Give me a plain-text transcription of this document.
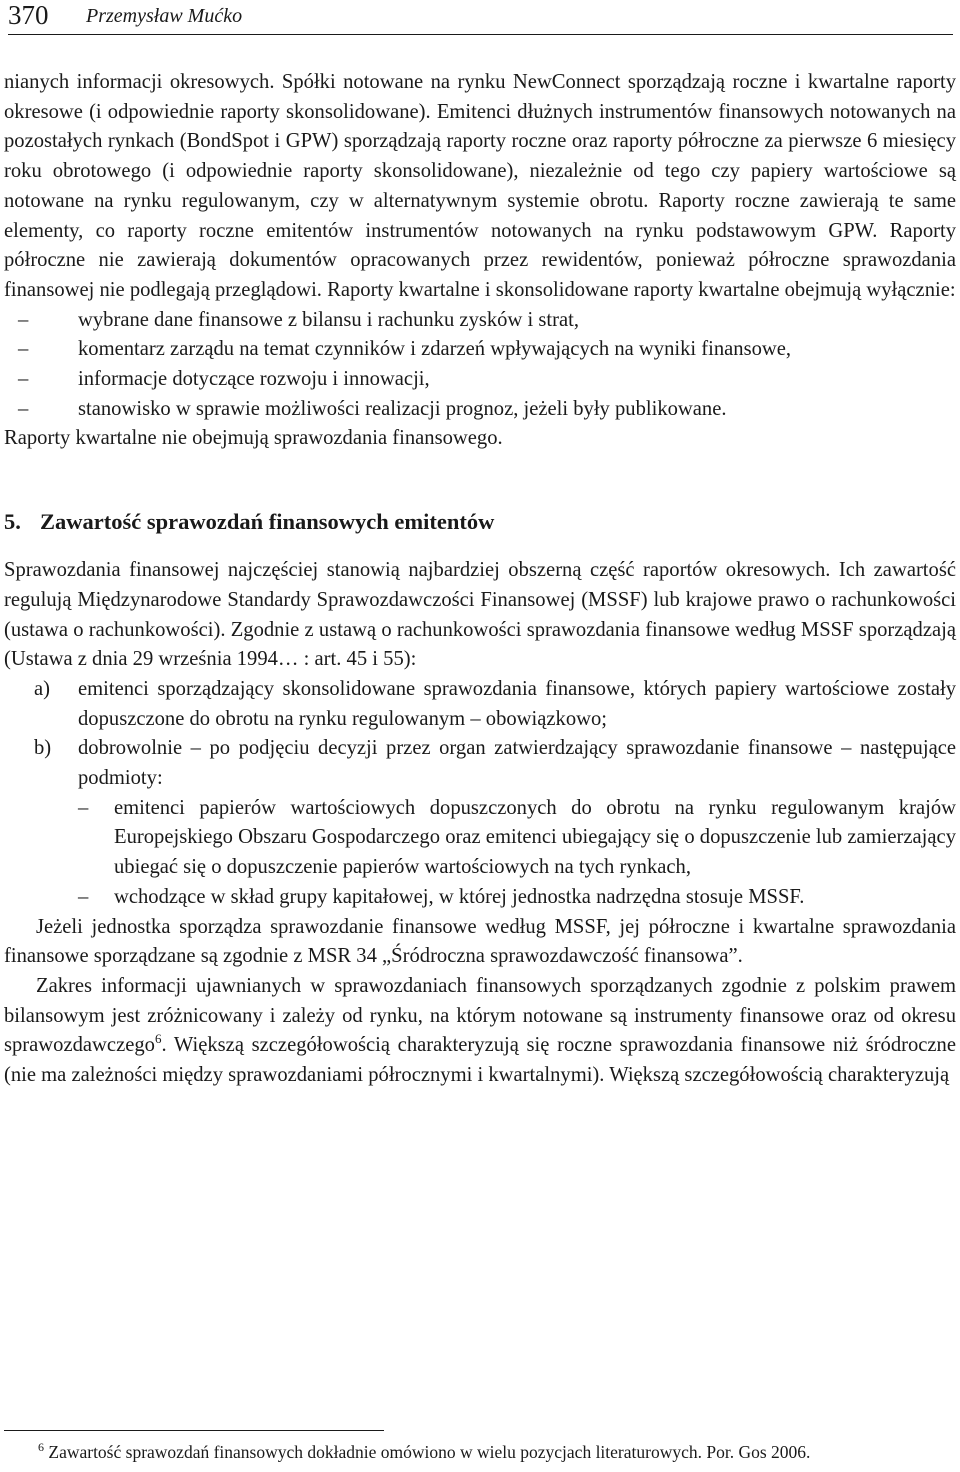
370 Przemysław Mućko

nianych informacji okresowych. Spółki notowane na rynku NewConnect sporządzają roczne i kwartalne raporty okresowe (i odpowiednie raporty skonsolidowane). Emitenci dłużnych instrumentów finansowych notowanych na pozostałych rynkach (BondSpot i GPW) sporządzają raporty roczne oraz raporty półroczne za pierwsze 6 miesięcy roku obrotowego (i odpowiednie raporty skonsolidowane), niezależnie od tego czy papiery wartościowe są notowane na rynku regulowanym, czy w alternatywnym systemie obrotu. Raporty roczne zawierają te same elementy, co raporty roczne emitentów instrumentów notowanych na rynku podstawowym GPW. Raporty półroczne nie zawierają dokumentów opracowanych przez rewidentów, ponieważ półroczne sprawozdania finansowej nie podlegają przeglądowi. Raporty kwartalne i skonsolidowane raporty kwartalne obejmują wyłącznie:

– wybrane dane finansowe z bilansu i rachunku zysków i strat,
– komentarz zarządu na temat czynników i zdarzeń wpływających na wyniki finansowe,
– informacje dotyczące rozwoju i innowacji,
– stanowisko w sprawie możliwości realizacji prognoz, jeżeli były publikowane.

Raporty kwartalne nie obejmują sprawozdania finansowego.

5. Zawartość sprawozdań finansowych emitentów

Sprawozdania finansowej najczęściej stanowią najbardziej obszerną część raportów okresowych. Ich zawartość regulują Międzynarodowe Standardy Sprawozdawczości Finansowej (MSSF) lub krajowe prawo o rachunkowości (ustawa o rachunkowości). Zgodnie z ustawą o rachunkowości sprawozdania finansowe według MSSF sporządzają (Ustawa z dnia 29 września 1994… : art. 45 i 55):

a) emitenci sporządzający skonsolidowane sprawozdania finansowe, których papiery wartościowe zostały dopuszczone do obrotu na rynku regulowanym – obowiązkowo;
b) dobrowolnie – po podjęciu decyzji przez organ zatwierdzający sprawozdanie finansowe – następujące podmioty:
– emitenci papierów wartościowych dopuszczonych do obrotu na rynku regulowanym krajów Europejskiego Obszaru Gospodarczego oraz emitenci ubiegający się o dopuszczenie lub zamierzający ubiegać się o dopuszczenie papierów wartościowych na tych rynkach,
– wchodzące w skład grupy kapitałowej, w której jednostka nadrzędna stosuje MSSF.

Jeżeli jednostka sporządza sprawozdanie finansowe według MSSF, jej półroczne i kwartalne sprawozdania finansowe sporządzane są zgodnie z MSR 34 „Śródroczna sprawozdawczość finansowa”.

Zakres informacji ujawnianych w sprawozdaniach finansowych sporządzanych zgodnie z polskim prawem bilansowym jest zróżnicowany i zależy od rynku, na którym notowane są instrumenty finansowe oraz od okresu sprawozdawczego$^6$. Większą szczegółowością charakteryzują się roczne sprawozdania finansowe niż śródroczne (nie ma zależności między sprawozdaniami półrocznymi i kwartalnymi). Większą szczegółowością charakteryzują

$^6$ Zawartość sprawozdań finansowych dokładnie omówiono w wielu pozycjach literaturowych. Por. Gos 2006.
